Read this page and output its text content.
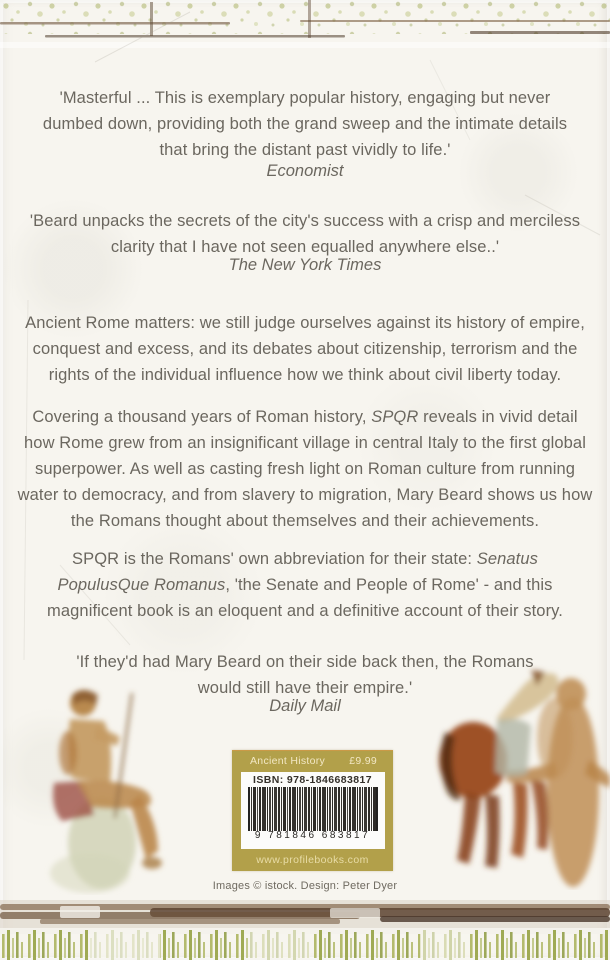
'Masterful ... This is exemplary popular history, engaging but never dumbed down, providing both the grand sweep and the intimate details that bring the distant past vividly to life.'

Economist

'Beard unpacks the secrets of the city's success with a crisp and merciless clarity that I have not seen equalled anywhere else..'

The New York Times

Ancient Rome matters: we still judge ourselves against its history of empire, conquest and excess, and its debates about citizenship, terrorism and the rights of the individual influence how we think about civil liberty today.

Covering a thousand years of Roman history, SPQR reveals in vivid detail how Rome grew from an insignificant village in central Italy to the first global superpower. As well as casting fresh light on Roman culture from running water to democracy, and from slavery to migration, Mary Beard shows us how the Romans thought about themselves and their achievements.

SPQR is the Romans' own abbreviation for their state: Senatus PopulusQue Romanus, 'the Senate and People of Rome' - and this magnificent book is an eloquent and a definitive account of their story.

'If they'd had Mary Beard on their side back then, the Romans would still have their empire.'

Daily Mail
Ancient History £9.99
ISBN: 978-1846683817
9 781846 683817
www.profilebooks.com
Images © istock. Design: Peter Dyer
